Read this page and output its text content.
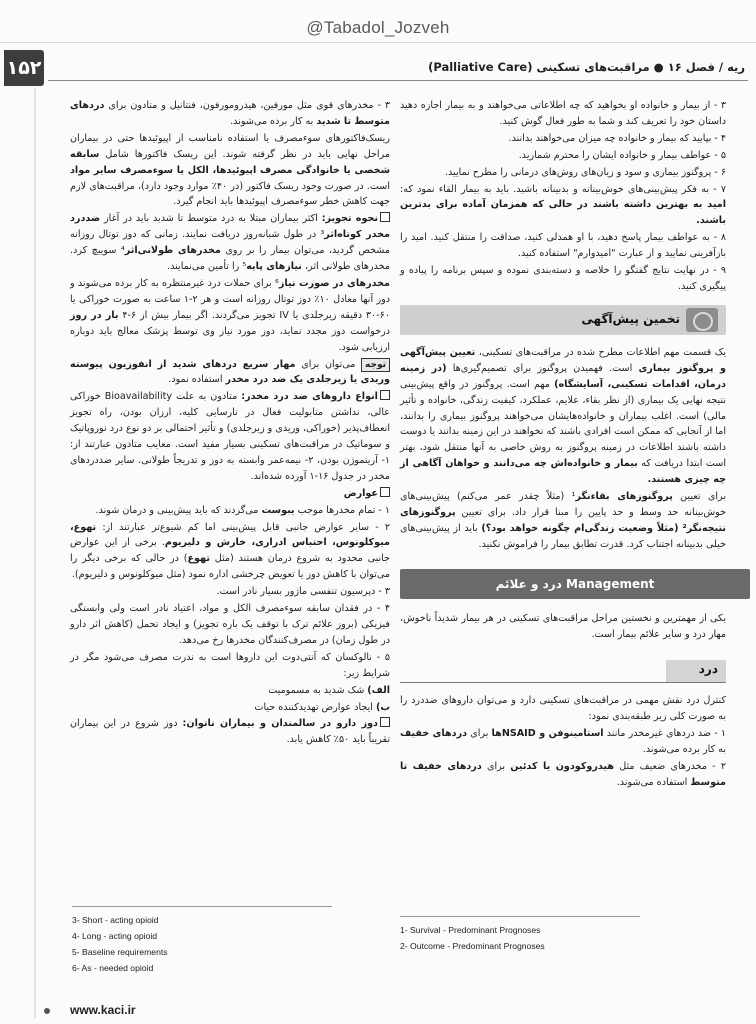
@Tabadol_Jozveh
۱۵۲	ریه / فصل ۱۶ ● مراقبت‌های تسکینی (Palliative Care)

۳ - از بیمار و خانواده او بخواهید که چه اطلاعاتی می‌خواهند و به بیمار اجازه دهید داستان خود را تعریف کند و شما به طور فعال گوش کنید.

۴ - بپایید که بیمار و خانواده چه میزان می‌خواهند بدانند.

۵ - عواطف بیمار و خانواده ایشان را محترم شمارید.

۶ - پروگنوز بیماری و سود و زیان‌های روش‌های درمانی را مطرح نمایید.

۷ - به فکر پیش‌بینی‌های خوش‌بینانه و بدبینانه باشید. باید به بیمار القاء نمود که: امید به بهترین داشته باشند در حالی که همزمان آماده برای بدترین باشند.

۸ - به عواطف بیمار پاسخ دهید، با او همدلی کنید، صداقت را منتقل کنید. امید را بازآفرینی نمایید و از عبارت "امیدوارم" استفاده کنید.

۹ - در نهایت نتایج گفتگو را خلاصه و دسته‌بندی نموده و سپس برنامه را پیاده و پیگیری کنید.

تخمین پیش‌آگهی

یک قسمت مهم اطلاعات مطرح شده در مراقبت‌های تسکینی، تعیین پیش‌آگهی و پروگنوز بیماری است. فهمیدن پروگنوز برای تصمیم‌گیری‌ها (در زمینه درمان، اقدامات تسکینی، آسایشگاه) مهم است. پروگنوز در واقع پیش‌بینی نتیجه نهایی یک بیماری (از نظر بقاء، علایم، عملکرد، کیفیت زندگی، خانواده و تأثیر مالی) است. اغلب بیماران و خانواده‌هایشان می‌خواهند پروگنوز بیماری را بدانند، اما از آنجایی که ممکن است افرادی باشند که نخواهند در این زمینه بدانند یا دوست داشته باشند اطلاعات در زمینه پروگنوز به روش خاصی به آنها منتقل شود، بهتر است ابتدا دریافت که بیمار و خانواده‌اش چه می‌دانند و خواهان آگاهی از چه چیزی هستند.

برای تعیین پروگنوزهای بقاءنگر¹ (مثلاً چقدر عمر می‌کنم) پیش‌بینی‌های خوش‌بینانه حد وسط و حد پایین را مبنا قرار داد. برای تعیین پروگنوزهای نتیجه‌نگر² (مثلاً وضعیت زندگی‌ام چگونه خواهد بود؟) باید از پیش‌بینی‌های خیلی بدبینانه اجتناب کرد. قدرت تطابق بیمار را فراموش نکنید.

Management درد و علائم

یکی از مهمترین و نخستین مراحل مراقبت‌های تسکینی در هر بیمار شدیداً ناخوش، مهار درد و سایر علائم بیمار است.

درد

کنترل درد نقش مهمی در مراقبت‌های تسکینی دارد و می‌توان داروهای ضددرد را به صورت کلی زیر طبقه‌بندی نمود:

۱ - ضد دردهای غیرمخدر مانند استامینوفن و NSAID‌ها برای دردهای خفیف به کار برده می‌شوند.

۲ - مخدرهای ضعیف مثل هیدروکودون یا کدئین برای دردهای خفیف تا متوسط استفاده می‌شوند.

۳ - مخدرهای قوی مثل مورفین، هیدرومورفون، فنتانیل و متادون برای دردهای متوسط تا شدید به کار برده می‌شوند.

ریسک‌فاکتورهای سوءمصرف یا استفاده نامناسب از اپیوئیدها حتی در بیماران مراحل نهایی باید در نظر گرفته شوند. این ریسک فاکتورها شامل سابقه شخصی یا خانوادگی مصرف اپیوئیدها، الکل یا سوءمصرف سایر مواد است. در صورت وجود ریسک فاکتور (در ۴۰٪ موارد وجود دارد)، مراقبت‌های لازم جهت کاهش خطر سوءمصرف اپیوئیدها باید انجام گیرد.

نحوه تجویز: اکثر بیماران مبتلا به درد متوسط تا شدید باید در آغاز ضددرد مخدر کوتاه‌اثر³ در طول شبانه‌روز دریافت نمایند. زمانی که دوز توتال روزانه مشخص گردید، می‌توان بیمار را بر روی مخدرهای طولانی‌اثر⁴ سوییچ کرد. مخدرهای طولانی اثر، نیازهای پایه⁵ را تأمین می‌نمایند.

مخدرهای در صورت نیاز⁶ برای حملات درد غیرمنتظره به کار برده می‌شوند و دوز آنها معادل ۱۰٪ دوز توتال روزانه است و هر ۲-۱ ساعت به صورت خوراکی یا ۶۰-۳۰ دقیقه زیرجلدی یا IV تجویز می‌گردند. اگر بیمار بیش از ۶-۴ بار در روز درخواست دوز مجدد نماید، دوز مورد نیاز وی توسط پزشک معالج باید دوباره ارزیابی شود.

توجه می‌توان برای مهار سریع دردهای شدید از انفوزیون پیوسته وریدی یا زیرجلدی یک ضد درد مخدر استفاده نمود.

انواع داروهای ضد درد مخدر: متادون به علت Bioavailability خوراکی عالی، نداشتن متابولیت فعال در نارسایی کلیه، ارزان بودن، راه تجویز انعطاف‌پذیر (خوراکی، وریدی و زیرجلدی) و تأثیر احتمالی بر دو نوع درد نوروپاتیک و سوماتیک در مراقبت‌های تسکینی بسیار مفید است. معایب متادون عبارتند از: ۱- آریتموژن بودن، ۲- نیمه‌عمر وابسته به دوز و تدریجاً طولانی. سایر ضددردهای مخدر در جدول ۱۶-۱ آورده شده‌اند.

عوارض

۱ - تمام مخدرها موجب یبوست می‌گردند که باید پیش‌بینی و درمان شوند.

۲ - سایر عوارض جانبی قابل پیش‌بینی اما کم شیوع‌تر عبارتند از: تهوع، میوکلونوس، احتباس ادراری، خارش و دلیریوم. برخی از این عوارض جانبی محدود به شروع درمان هستند (مثل تهوع) در حالی که برخی دیگر را می‌توان با کاهش دوز یا تعویض چرخشی اداره نمود (مثل میوکلونوس و دلیریوم).

۳ - دپرسیون تنفسی ماژور بسیار نادر است.

۴ - در فقدان سابقه سوءمصرف الکل و مواد، اعتیاد نادر است ولی وابستگی فیزیکی (بروز علائم ترک با توقف یک باره تجویز) و ایجاد تحمل (کاهش اثر دارو در طول زمان) در مصرف‌کنندگان مخدرها رخ می‌دهد.

۵ - نالوکسان که آنتی‌دوت این داروها است به ندرت مصرف می‌شود مگر در شرایط زیر:

الف) شک شدید به مسمومیت

ب) ایجاد عوارض تهدیدکننده حیات

دوز دارو در سالمندان و بیماران ناتوان: دوز شروع در این بیماران تقریباً باید ۵۰٪ کاهش یابد.

3- Short - acting opioid
4- Long - acting opioid
5- Baseline requirements
6- As - needed opioid
1- Survival - Predominant Prognoses
2- Outcome - Predominant Prognoses
www.kaci.ir
